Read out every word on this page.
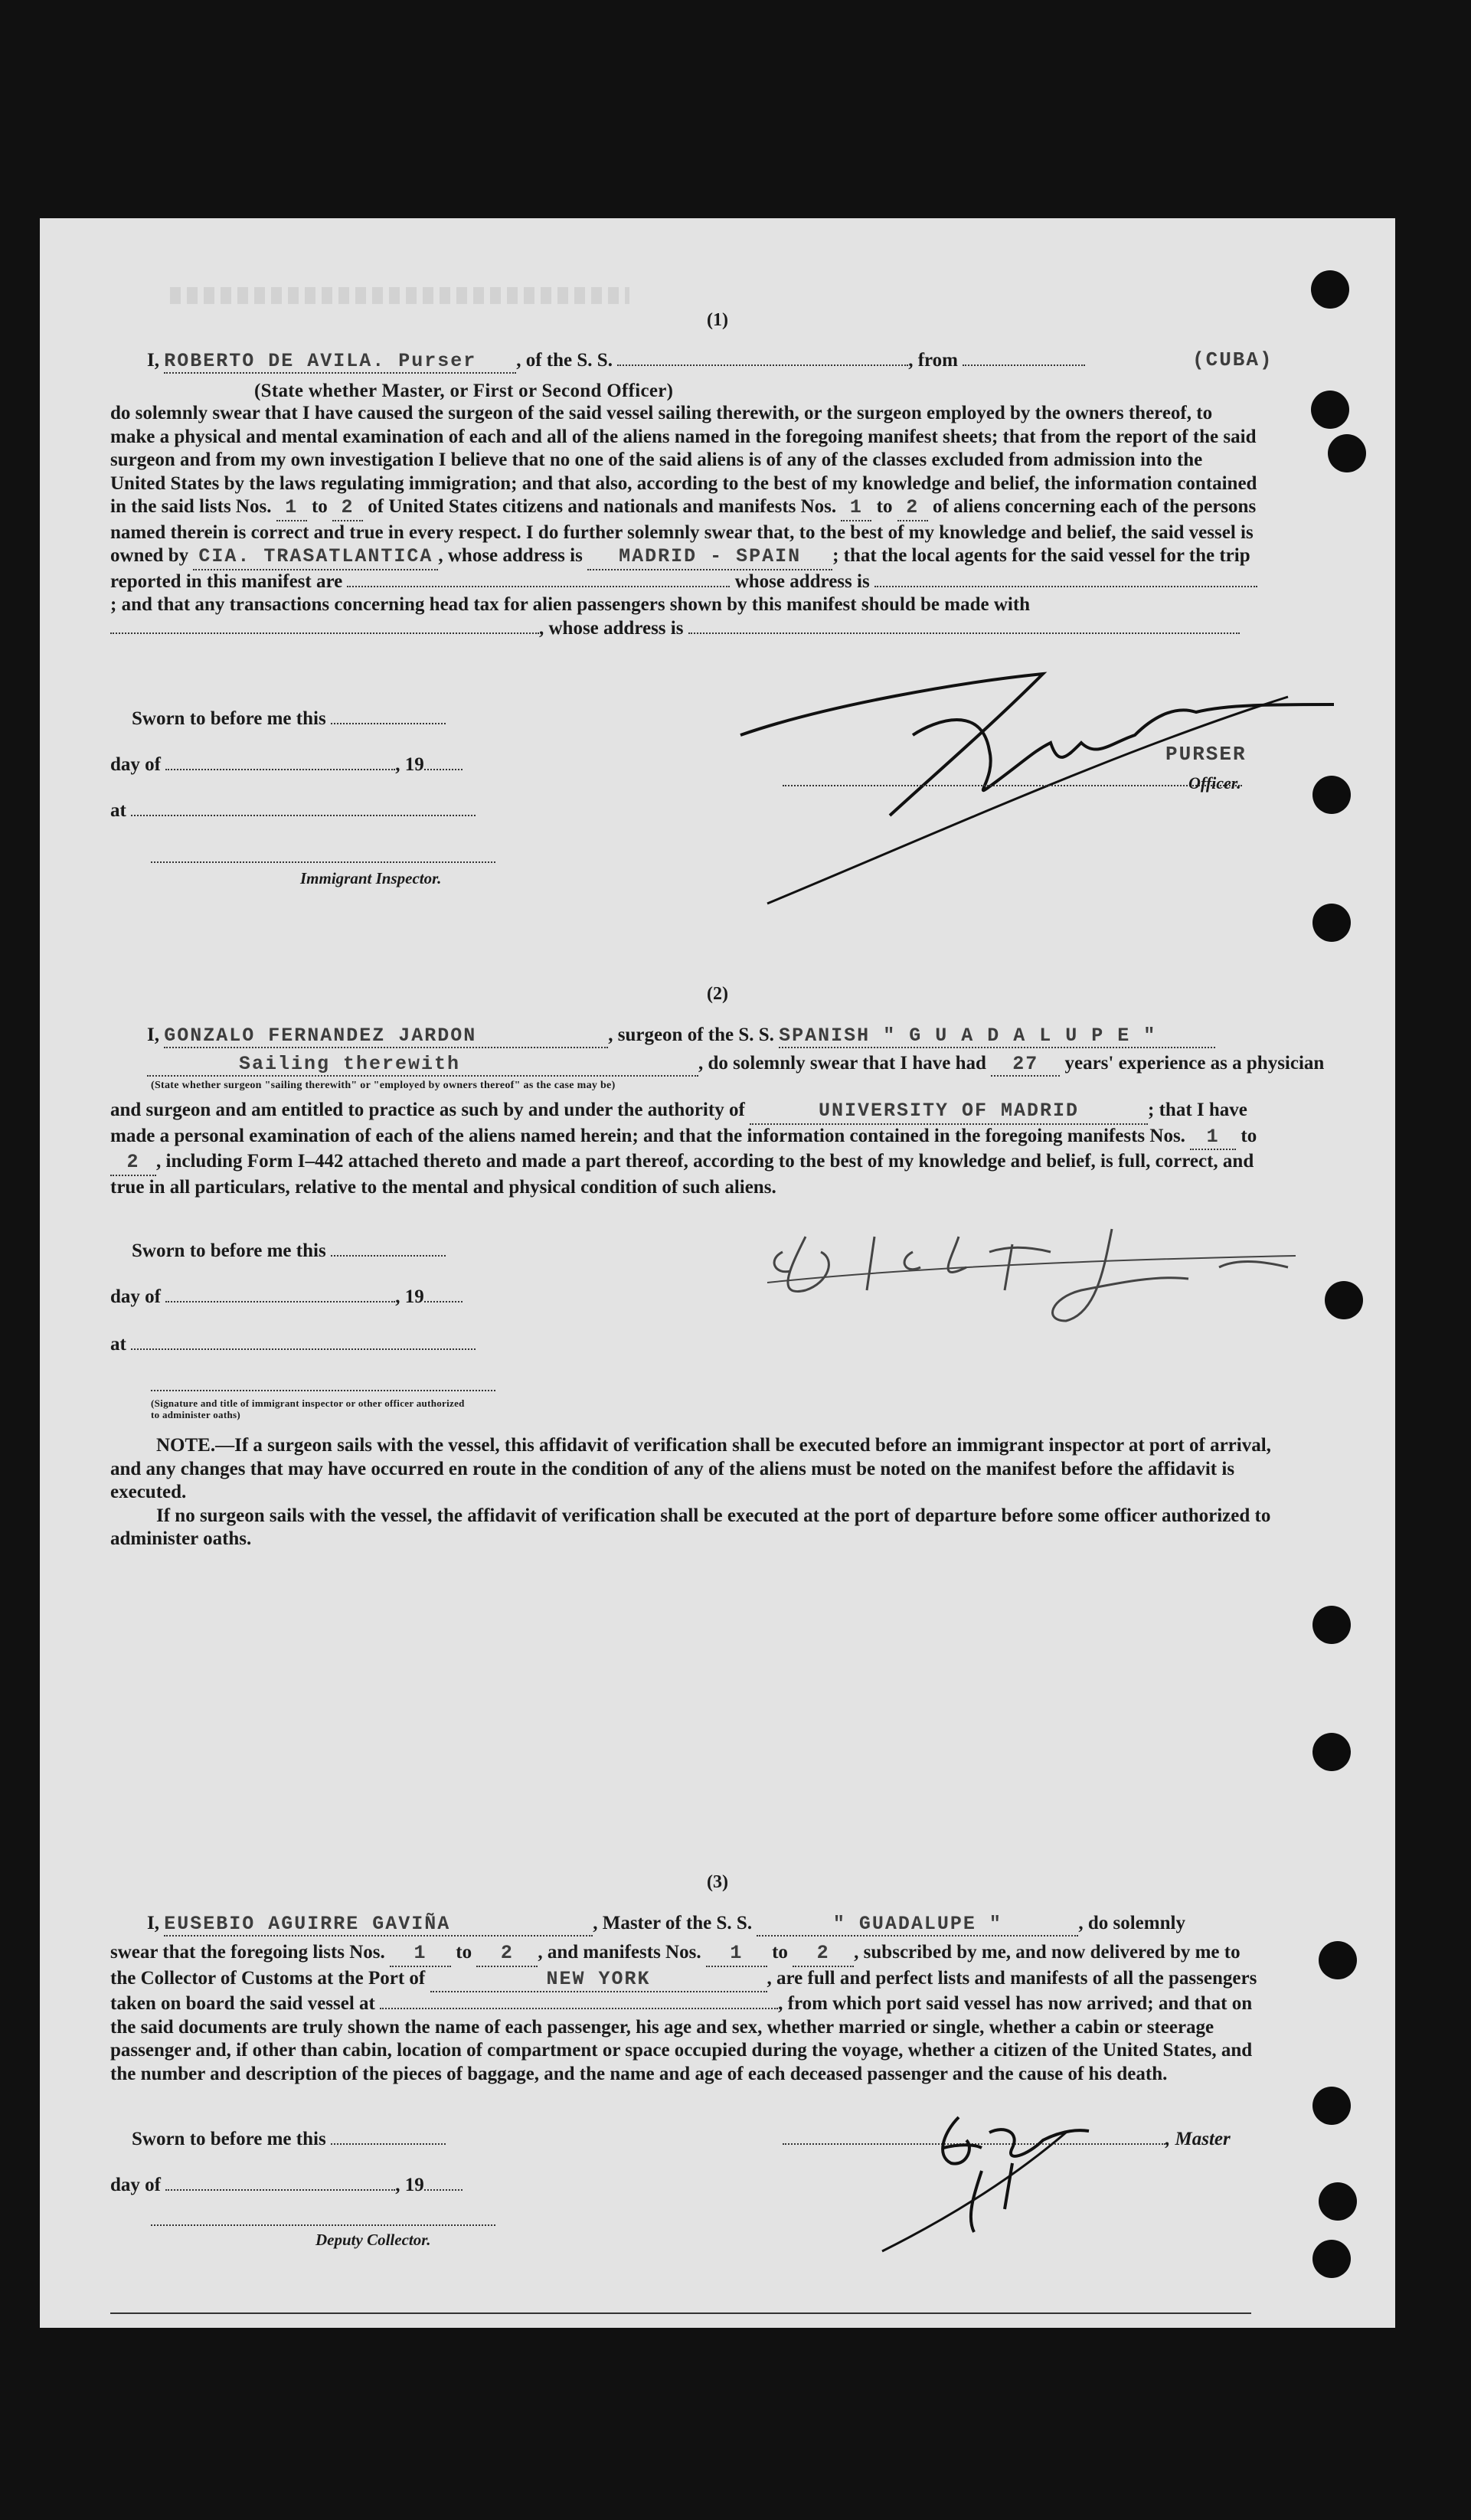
(1)
I, ROBERTO DE AVILA. Purser , of the S. S.	, from	(CUBA)
(State whether Master, or First or Second Officer)
do solemnly swear that I have caused the surgeon of the said vessel sailing therewith, or the surgeon employed by the owners thereof, to make a physical and mental examination of each and all of the aliens named in the foregoing manifest sheets; that from the report of the said surgeon and from my own investigation I believe that no one of the said aliens is of any of the classes excluded from admission into the United States by the laws regulating immigration; and that also, according to the best of my knowledge and belief, the information contained in the said lists Nos. 1 to 2 of United States citizens and nationals and manifests Nos. 1 to 2 of aliens concerning each of the persons named therein is correct and true in every respect. I do further solemnly swear that, to the best of my knowledge and belief, the said vessel is owned by CIA. TRASATLANTICA , whose address is MADRID - SPAIN ; that the local agents for the said vessel for the trip reported in this manifest are	whose address is ; and that any transactions concerning head tax for alien passengers shown by this manifest should be made with , whose address is
Sworn to before me this
day of	, 19
at
Immigrant Inspector.
PURSER
Officer.
(2)
I, GONZALO FERNANDEZ JARDON	, surgeon of the S. S. SPANISH " G U A D A L U P E "
Sailing therewith	, do solemnly swear that I have had 27 years' experience as a physician
(State whether surgeon "sailing therewith" or "employed by owners thereof" as the case may be)
and surgeon and am entitled to practice as such by and under the authority of	UNIVERSITY OF MADRID	; that I have made a personal examination of each of the aliens named herein; and that the information contained in the foregoing manifests Nos. 1 to 2 , including Form I–442 attached thereto and made a part thereof, according to the best of my knowledge and belief, is full, correct, and true in all particulars, relative to the mental and physical condition of such aliens.
Sworn to before me this
day of	, 19
at
(Signature and title of immigrant inspector or other officer authorized to administer oaths)
NOTE.—If a surgeon sails with the vessel, this affidavit of verification shall be executed before an immigrant inspector at port of arrival, and any changes that may have occurred en route in the condition of any of the aliens must be noted on the manifest before the affidavit is executed.
If no surgeon sails with the vessel, the affidavit of verification shall be executed at the port of departure before some officer authorized to administer oaths.
(3)
I, EUSEBIO AGUIRRE GAVIÑA	, Master of the S. S.	" GUADALUPE "	, do solemnly
swear that the foregoing lists Nos. 1 to 2 , and manifests Nos. 1 to 2 , subscribed by me, and now delivered by me to the Collector of Customs at the Port of	NEW YORK	, are full and perfect lists and manifests of all the passengers taken on board the said vessel at	, from which port said vessel has now arrived; and that on the said documents are truly shown the name of each passenger, his age and sex, whether married or single, whether a cabin or steerage passenger and, if other than cabin, location of compartment or space occupied during the voyage, whether a citizen of the United States, and the number and description of the pieces of baggage, and the name and age of each deceased passenger and the cause of his death.
Sworn to before me this	, Master
day of	, 19
Deputy Collector.
